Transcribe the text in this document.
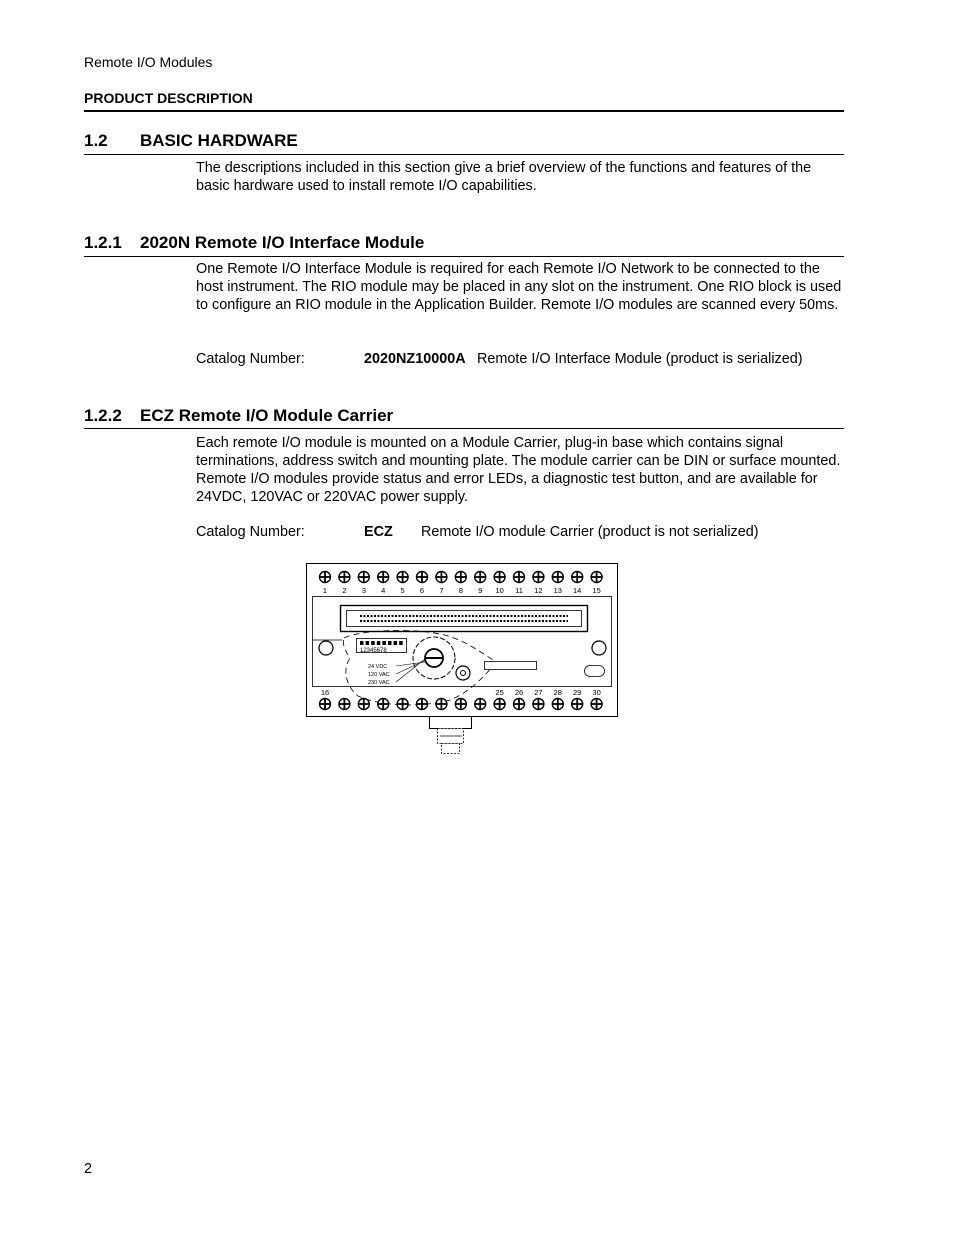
Remote I/O Modules
PRODUCT DESCRIPTION
1.2 BASIC HARDWARE
The descriptions included in this section give a brief overview of the functions and features of the basic hardware used to install remote I/O capabilities.
1.2.1 2020N Remote I/O Interface Module
One Remote I/O Interface Module is required for each Remote I/O Network to be connected to the host instrument. The RIO module may be placed in any slot on the instrument. One RIO block is used to configure an RIO module in the Application Builder. Remote I/O modules are scanned every 50ms.
Catalog Number:	2020NZ10000A Remote I/O Interface Module (product is serialized)
1.2.2 ECZ Remote I/O Module Carrier
Each remote I/O module is mounted on a Module Carrier, plug-in base which contains signal terminations, address switch and mounting plate. The module carrier can be DIN or surface mounted. Remote I/O modules provide status and error LEDs, a diagnostic test button, and are available for 24VDC, 120VAC or 220VAC power supply.
Catalog Number:	ECZ Remote I/O module Carrier (product is not serialized)
1 2 3 4 5 6 7 8 9 10 11 12 13 14 15
12345678
24 VDC
120 VAC
230 VAC
16	25 26 27 28 29 30
2
